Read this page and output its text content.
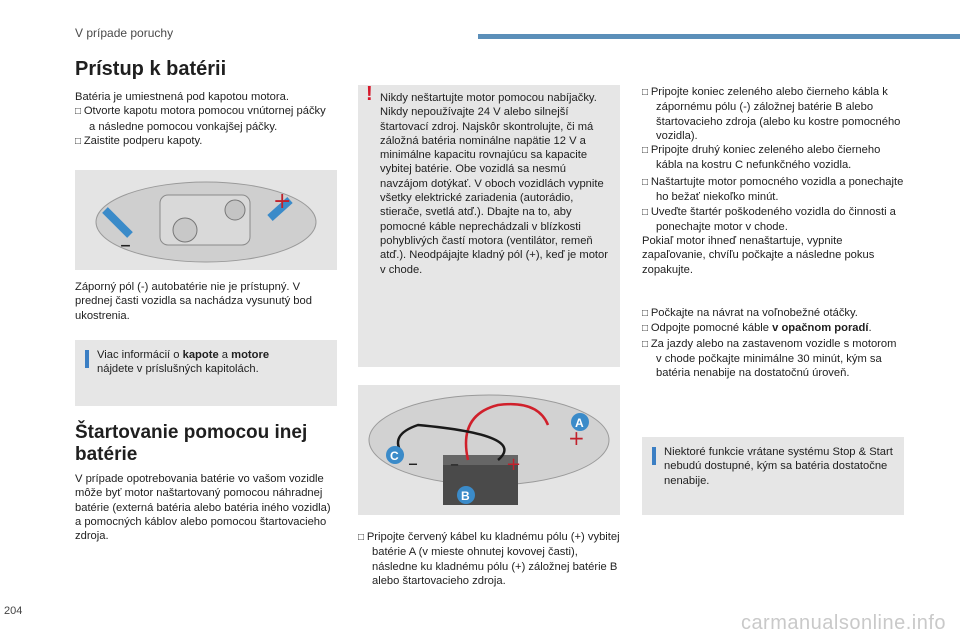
V prípade poruchy
Prístup k batérii
Batéria je umiestnená pod kapotou motora.
□ Otvorte kapotu motora pomocou vnútornej páčky a následne pomocou vonkajšej páčky.
□ Zaistite podperu kapoty.
–
+
Záporný pól (-) autobatérie nie je prístupný. V prednej časti vozidla sa nachádza vysunutý bod ukostrenia.
Viac informácií o kapote a motore
nájdete v príslušných kapitolách.
Štartovanie pomocou inej batérie
V prípade opotrebovania batérie vo vašom vozidle môže byť motor naštartovaný pomocou náhradnej batérie (externá batéria alebo batéria iného vozidla) a pomocných káblov alebo pomocou štartovacieho zdroja.
! Nikdy neštartujte motor pomocou nabíjačky. Nikdy nepoužívajte 24 V alebo silnejší štartovací zdroj. Najskôr skontrolujte, či má záložná batéria nominálne napätie 12 V a minimálne kapacitu rovnajúcu sa kapacite vybitej batérie. Obe vozidlá sa nesmú navzájom dotýkať. V oboch vozidlách vypnite všetky elektrické zariadenia (autorádio, stierače, svetlá atď.). Dbajte na to, aby pomocné káble neprechádzali v blízkosti pohyblivých častí motora (ventilátor, remeň atď.). Neodpájajte kladný pól (+), keď je motor v chode.
A
B
C
+
+
– –
□ Pripojte červený kábel ku kladnému pólu (+) vybitej batérie A (v mieste ohnutej kovovej časti), následne ku kladnému pólu (+) záložnej batérie B alebo štartovacieho zdroja.
□ Pripojte koniec zeleného alebo čierneho kábla k zápornému pólu (-) záložnej batérie B alebo štartovacieho zdroja (alebo ku kostre pomocného vozidla).
□ Pripojte druhý koniec zeleného alebo čierneho kábla na kostru C nefunkčného vozidla.
□ Naštartujte motor pomocného vozidla a ponechajte ho bežať niekoľko minút.
□ Uveďte štartér poškodeného vozidla do činnosti a ponechajte motor v chode.
Pokiaľ motor ihneď nenaštartuje, vypnite zapaľovanie, chvíľu počkajte a následne pokus zopakujte.
□ Počkajte na návrat na voľnobežné otáčky.
□ Odpojte pomocné káble v opačnom poradí.
□ Za jazdy alebo na zastavenom vozidle s motorom v chode počkajte minimálne 30 minút, kým sa batéria nenabije na dostatočnú úroveň.
Niektoré funkcie vrátane systému Stop & Start nebudú dostupné, kým sa batéria dostatočne nenabije.
204
carmanualsonline.info
